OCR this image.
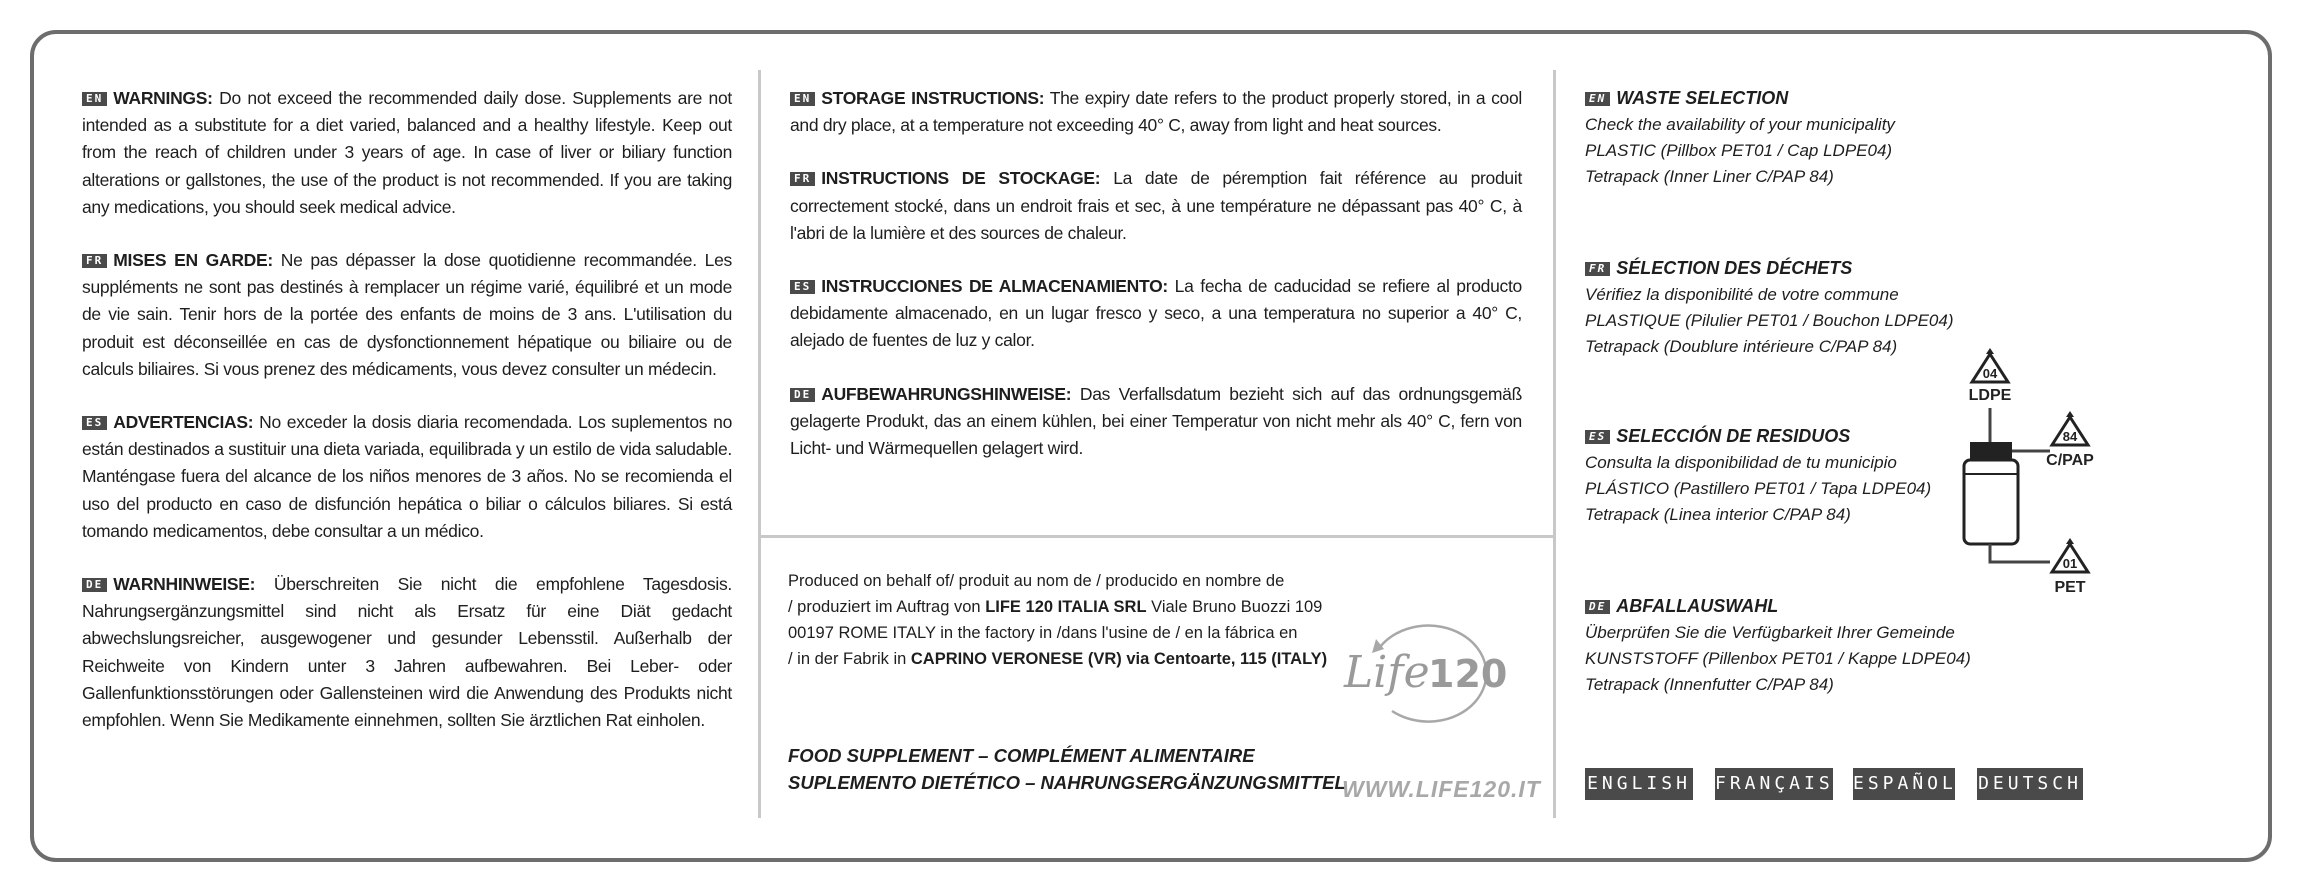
EN WARNINGS: Do not exceed the recommended daily dose. Supplements are not intended as a substitute for a diet varied, balanced and a healthy lifestyle. Keep out from the reach of children under 3 years of age. In case of liver or biliary function alterations or gallstones, the use of the product is not recommended. If you are taking any medications, you should seek medical advice.

FR MISES EN GARDE: Ne pas dépasser la dose quotidienne recommandée. Les suppléments ne sont pas destinés à remplacer un régime varié, équilibré et un mode de vie sain. Tenir hors de la portée des enfants de moins de 3 ans. L'utilisation du produit est déconseillée en cas de dysfonctionnement hépatique ou biliaire ou de calculs biliaires. Si vous prenez des médicaments, vous devez consulter un médecin.

ES ADVERTENCIAS: No exceder la dosis diaria recomendada. Los suplementos no están destinados a sustituir una dieta variada, equilibrada y un estilo de vida saludable. Manténgase fuera del alcance de los niños menores de 3 años. No se recomienda el uso del producto en caso de disfunción hepática o biliar o cálculos biliares. Si está tomando medicamentos, debe consultar a un médico.

DE WARNHINWEISE: Überschreiten Sie nicht die empfohlene Tagesdosis. Nahrungsergänzungsmittel sind nicht als Ersatz für eine Diät gedacht abwechslungsreicher, ausgewogener und gesunder Lebensstil. Außerhalb der Reichweite von Kindern unter 3 Jahren aufbewahren. Bei Leber- oder Gallenfunktionsstörungen oder Gallensteinen wird die Anwendung des Produkts nicht empfohlen. Wenn Sie Medikamente einnehmen, sollten Sie ärztlichen Rat einholen.

EN STORAGE INSTRUCTIONS: The expiry date refers to the product properly stored, in a cool and dry place, at a temperature not exceeding 40° C, away from light and heat sources.

FR INSTRUCTIONS DE STOCKAGE: La date de péremption fait référence au produit correctement stocké, dans un endroit frais et sec, à une température ne dépassant pas 40° C, à l'abri de la lumière et des sources de chaleur.

ES INSTRUCCIONES DE ALMACENAMIENTO: La fecha de caducidad se refiere al producto debidamente almacenado, en un lugar fresco y seco, a una temperatura no superior a 40° C, alejado de fuentes de luz y calor.

DE AUFBEWAHRUNGSHINWEISE: Das Verfallsdatum bezieht sich auf das ordnungsgemäß gelagerte Produkt, das an einem kühlen, bei einer Temperatur von nicht mehr als 40° C, fern von Licht- und Wärmequellen gelagert wird.

Produced on behalf of/ produit au nom de / producido en nombre de
/ produziert im Auftrag von LIFE 120 ITALIA SRL Viale Bruno Buozzi 109
00197 ROME ITALY in the factory in /dans l'usine de / en la fábrica en
/ in der Fabrik in CAPRINO VERONESE (VR) via Centoarte, 115 (ITALY)
FOOD SUPPLEMENT – COMPLÉMENT ALIMENTAIRE
SUPLEMENTO DIETÉTICO – NAHRUNGSERGÄNZUNGSMITTEL
Life
120
WWW.LIFE120.IT
EN WASTE SELECTION
Check the availability of your municipality
PLASTIC (Pillbox PET01 / Cap LDPE04)
Tetrapack (Inner Liner C/PAP 84)
FR SÉLECTION DES DÉCHETS
Vérifiez la disponibilité de votre commune
PLASTIQUE (Pilulier PET01 / Bouchon LDPE04)
Tetrapack (Doublure intérieure C/PAP 84)
ES SELECCIÓN DE RESIDUOS
Consulta la disponibilidad de tu municipio
PLÁSTICO (Pastillero PET01 / Tapa LDPE04)
Tetrapack (Linea interior C/PAP 84)
DE ABFALLAUSWAHL
Überprüfen Sie die Verfügbarkeit Ihrer Gemeinde
KUNSTSTOFF (Pillenbox PET01 / Kappe LDPE04)
Tetrapack (Innenfutter C/PAP 84)
04
LDPE
84
C/PAP
01
PET
ENGLISH FRANÇAIS ESPAÑOL DEUTSCH
